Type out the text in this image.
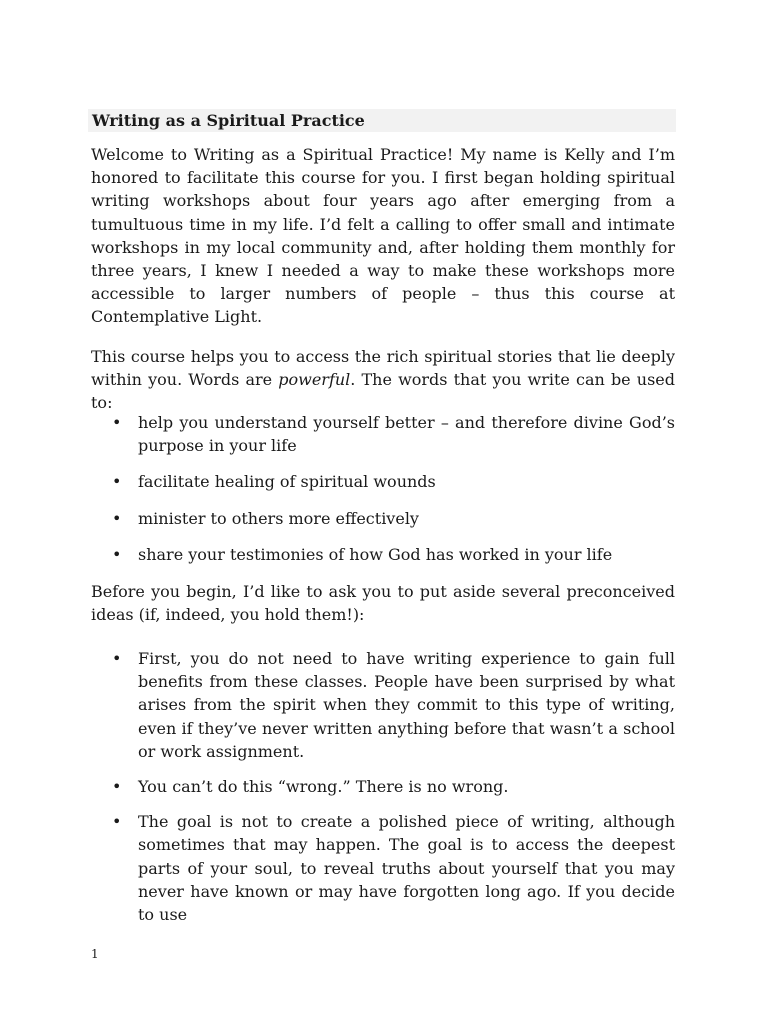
Writing as a Spiritual Practice

Welcome to Writing as a Spiritual Practice! My name is Kelly and I’m honored to facilitate this course for you. I first began holding spiritual writing workshops about four years ago after emerging from a tumultuous time in my life. I’d felt a calling to offer small and intimate workshops in my local community and, after holding them monthly for three years, I knew I needed a way to make these workshops more accessible to larger numbers of people – thus this course at Contemplative Light.

This course helps you to access the rich spiritual stories that lie deeply within you. Words are powerful. The words that you write can be used to:

• help you understand yourself better – and therefore divine God’s purpose in your life
• facilitate healing of spiritual wounds
• minister to others more effectively
• share your testimonies of how God has worked in your life

Before you begin, I’d like to ask you to put aside several preconceived ideas (if, indeed, you hold them!):

• First, you do not need to have writing experience to gain full benefits from these classes. People have been surprised by what arises from the spirit when they commit to this type of writing, even if they’ve never written anything before that wasn’t a school or work assignment.
• You can’t do this “wrong.” There is no wrong.
• The goal is not to create a polished piece of writing, although sometimes that may happen. The goal is to access the deepest parts of your soul, to reveal truths about yourself that you may never have known or may have forgotten long ago. If you decide to use
1
